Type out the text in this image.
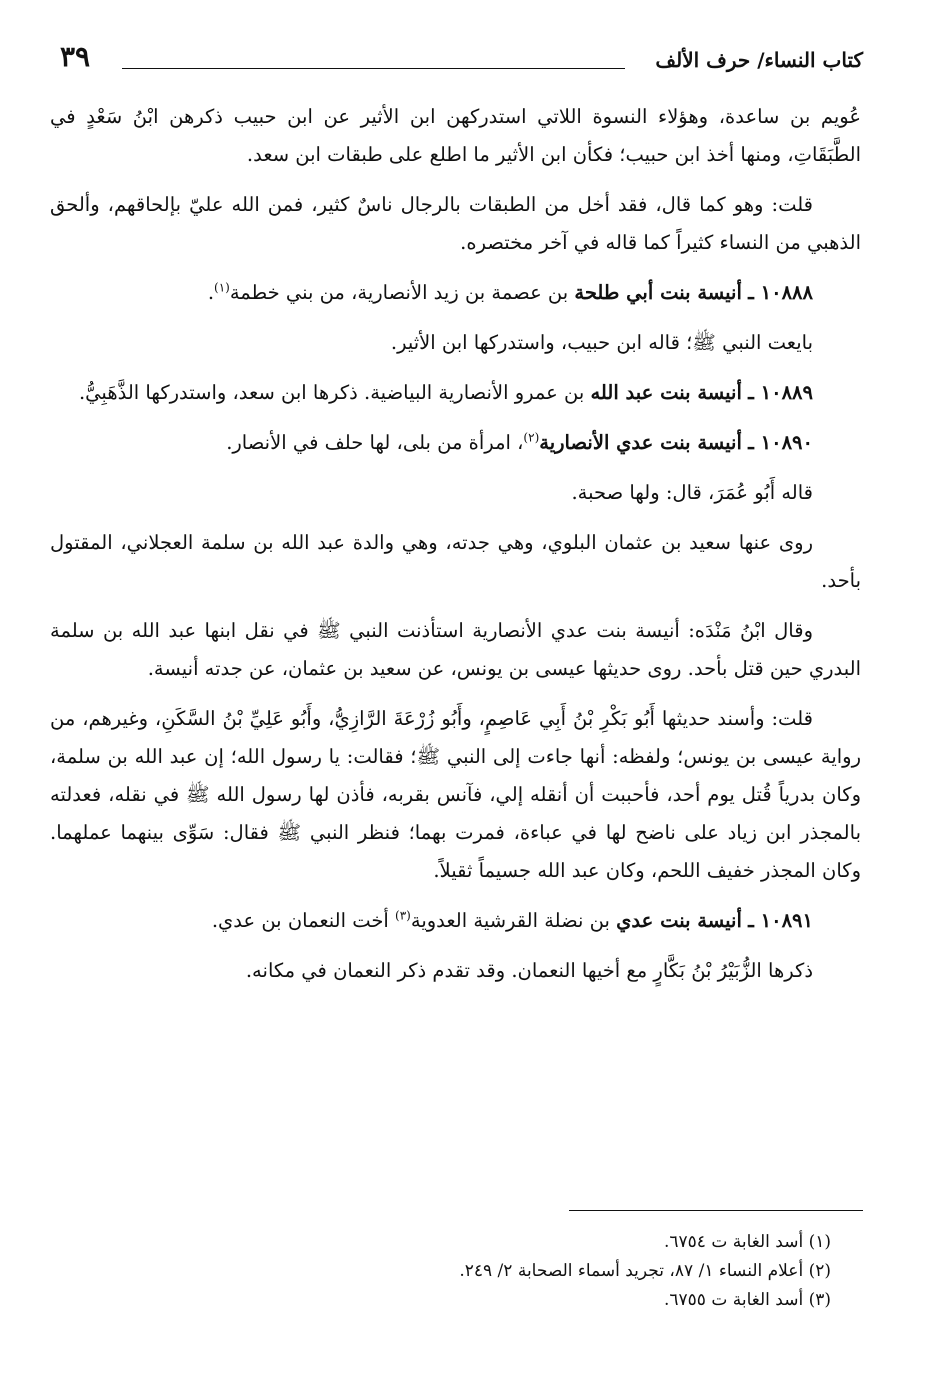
كتاب النساء/ حرف الألف
٣٩

عُويم بن ساعدة، وهؤلاء النسوة اللاتي استدركهن ابن الأثير عن ابن حبيب ذكرهن ابْنُ سَعْدٍ في الطَّبَقَاتِ، ومنها أخذ ابن حبيب؛ فكأن ابن الأثير ما اطلع على طبقات ابن سعد.

قلت: وهو كما قال، فقد أخل من الطبقات بالرجال ناسٌ كثير، فمن الله عليّ بإلحاقهم، وألحق الذهبي من النساء كثيراً كما قاله في آخر مختصره.

١٠٨٨٨ ـ أنيسة بنت أبي طلحة بن عصمة بن زيد الأنصارية، من بني خطمة$^{(١)}$.

بايعت النبي ﷺ؛ قاله ابن حبيب، واستدركها ابن الأثير.

١٠٨٨٩ ـ أنيسة بنت عبد الله بن عمرو الأنصارية البياضية. ذكرها ابن سعد، واستدركها الذَّهَبِيُّ.

١٠٨٩٠ ـ أنيسة بنت عدي الأنصارية$^{(٢)}$، امرأة من بلى، لها حلف في الأنصار.

قاله أَبُو عُمَرَ، قال: ولها صحبة.

روى عنها سعيد بن عثمان البلوي، وهي جدته، وهي والدة عبد الله بن سلمة العجلاني، المقتول بأحد.

وقال ابْنُ مَنْدَه: أنيسة بنت عدي الأنصارية استأذنت النبي ﷺ في نقل ابنها عبد الله بن سلمة البدري حين قتل بأحد. روى حديثها عيسى بن يونس، عن سعيد بن عثمان، عن جدته أنيسة.

قلت: وأسند حديثها أَبُو بَكْرِ بْنُ أَبِي عَاصِمٍ، وأَبُو زُرْعَةَ الرَّازِيُّ، وأَبُو عَلِيِّ بْنُ السَّكَنِ، وغيرهم، من رواية عيسى بن يونس؛ ولفظه: أنها جاءت إلى النبي ﷺ؛ فقالت: يا رسول الله؛ إن عبد الله بن سلمة، وكان بدرياً قُتل يوم أحد، فأحببت أن أنقله إلي، فآنس بقربه، فأذن لها رسول الله ﷺ في نقله، فعدلته بالمجذر ابن زياد على ناضح لها في عباءة، فمرت بهما؛ فنظر النبي ﷺ فقال: سَوِّى بينهما عملهما. وكان المجذر خفيف اللحم، وكان عبد الله جسيماً ثقيلاً.

١٠٨٩١ ـ أنيسة بنت عدي بن نضلة القرشية العدوية$^{(٣)}$ أخت النعمان بن عدي.

ذكرها الزُّبَيْرُ بْنُ بَكَّارٍ مع أخيها النعمان. وقد تقدم ذكر النعمان في مكانه.

(١) أسد الغابة ت ٦٧٥٤.

(٢) أعلام النساء ١/ ٨٧، تجريد أسماء الصحابة ٢/ ٢٤٩.

(٣) أسد الغابة ت ٦٧٥٥.
